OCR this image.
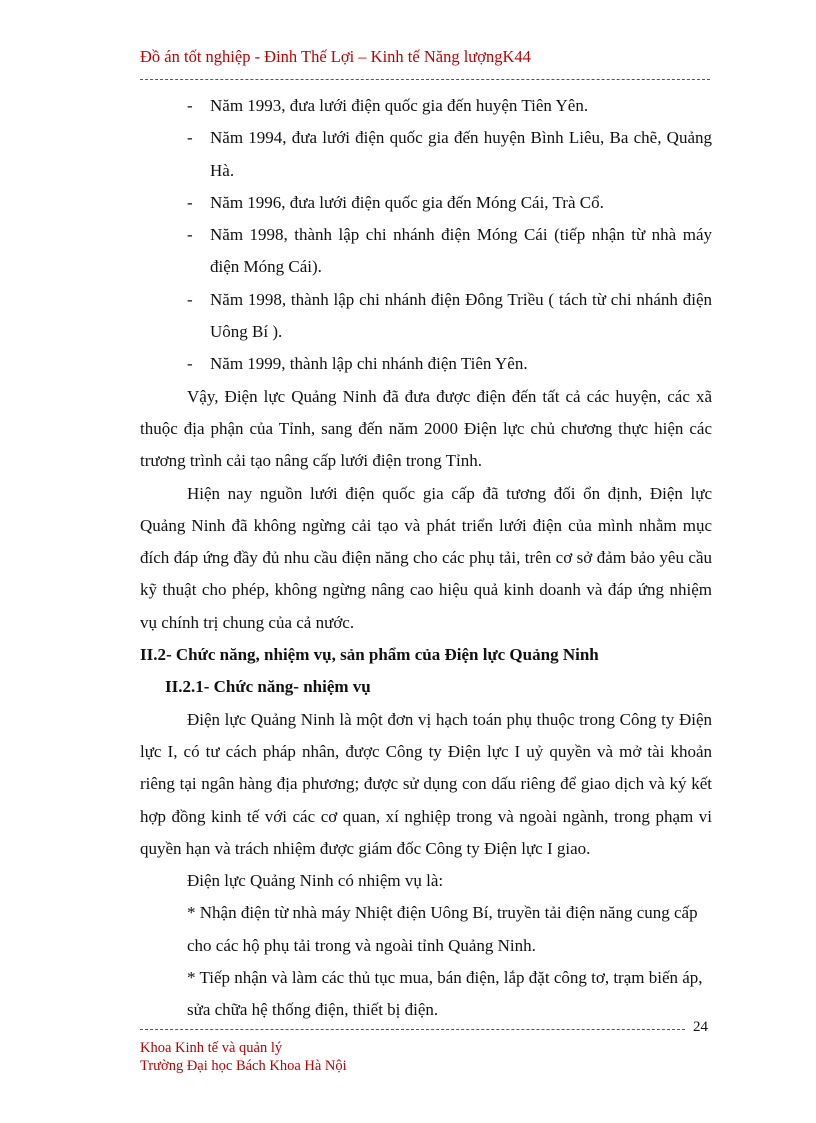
Đồ án tốt nghiệp - Đinh Thế Lợi – Kinh tế Năng lượngK44
- Năm 1993, đưa lưới điện quốc gia đến huyện Tiên Yên.
- Năm 1994, đưa lưới điện quốc gia đến huyện Bình Liêu, Ba chẽ, Quảng Hà.
- Năm 1996, đưa lưới điện quốc gia đến Móng Cái, Trà Cổ.
- Năm 1998, thành lập chi nhánh điện Móng Cái (tiếp nhận từ nhà máy điện Móng Cái).
- Năm 1998, thành lập chi nhánh điện Đông Triều ( tách từ chi nhánh điện Uông Bí ).
- Năm 1999, thành lập chi nhánh điện Tiên Yên.
Vậy, Điện lực Quảng Ninh đã đưa được điện đến tất cả các huyện, các xã thuộc địa phận của Tỉnh, sang đến năm 2000 Điện lực chủ chương thực hiện các trương trình cải tạo nâng cấp lưới điện trong Tỉnh.
Hiện nay nguồn lưới điện quốc gia cấp đã tương đối ổn định, Điện lực Quảng Ninh đã không ngừng cải tạo và phát triển lưới điện của mình nhằm mục đích đáp ứng đầy đủ nhu cầu điện năng cho các phụ tải, trên cơ sở đảm bảo yêu cầu kỹ thuật cho phép, không ngừng nâng cao hiệu quả kinh doanh và đáp ứng nhiệm vụ chính trị chung của cả nước.
II.2- Chức năng, nhiệm vụ, sản phẩm của Điện lực Quảng Ninh
II.2.1- Chức năng- nhiệm vụ
Điện lực Quảng Ninh là một đơn vị hạch toán phụ thuộc trong Công ty Điện lực I, có tư cách pháp nhân, được Công ty Điện lực I uỷ quyền và mở tài khoản riêng tại ngân hàng địa phương; được sử dụng con dấu riêng để giao dịch và ký kết hợp đồng kinh tế với các cơ quan, xí nghiệp trong và ngoài ngành, trong phạm vi quyền hạn và trách nhiệm được giám đốc Công ty Điện lực I giao.
Điện lực Quảng Ninh có nhiệm vụ là:
* Nhận điện từ nhà máy Nhiệt điện Uông Bí, truyền tải điện năng cung cấp cho các hộ phụ tải trong và ngoài tỉnh Quảng Ninh.
* Tiếp nhận và làm các thủ tục mua, bán điện, lắp đặt công tơ, trạm biến áp, sửa chữa hệ thống điện, thiết bị điện.
24
Khoa Kinh tế và quản lý
Trường Đại học Bách Khoa Hà Nội
